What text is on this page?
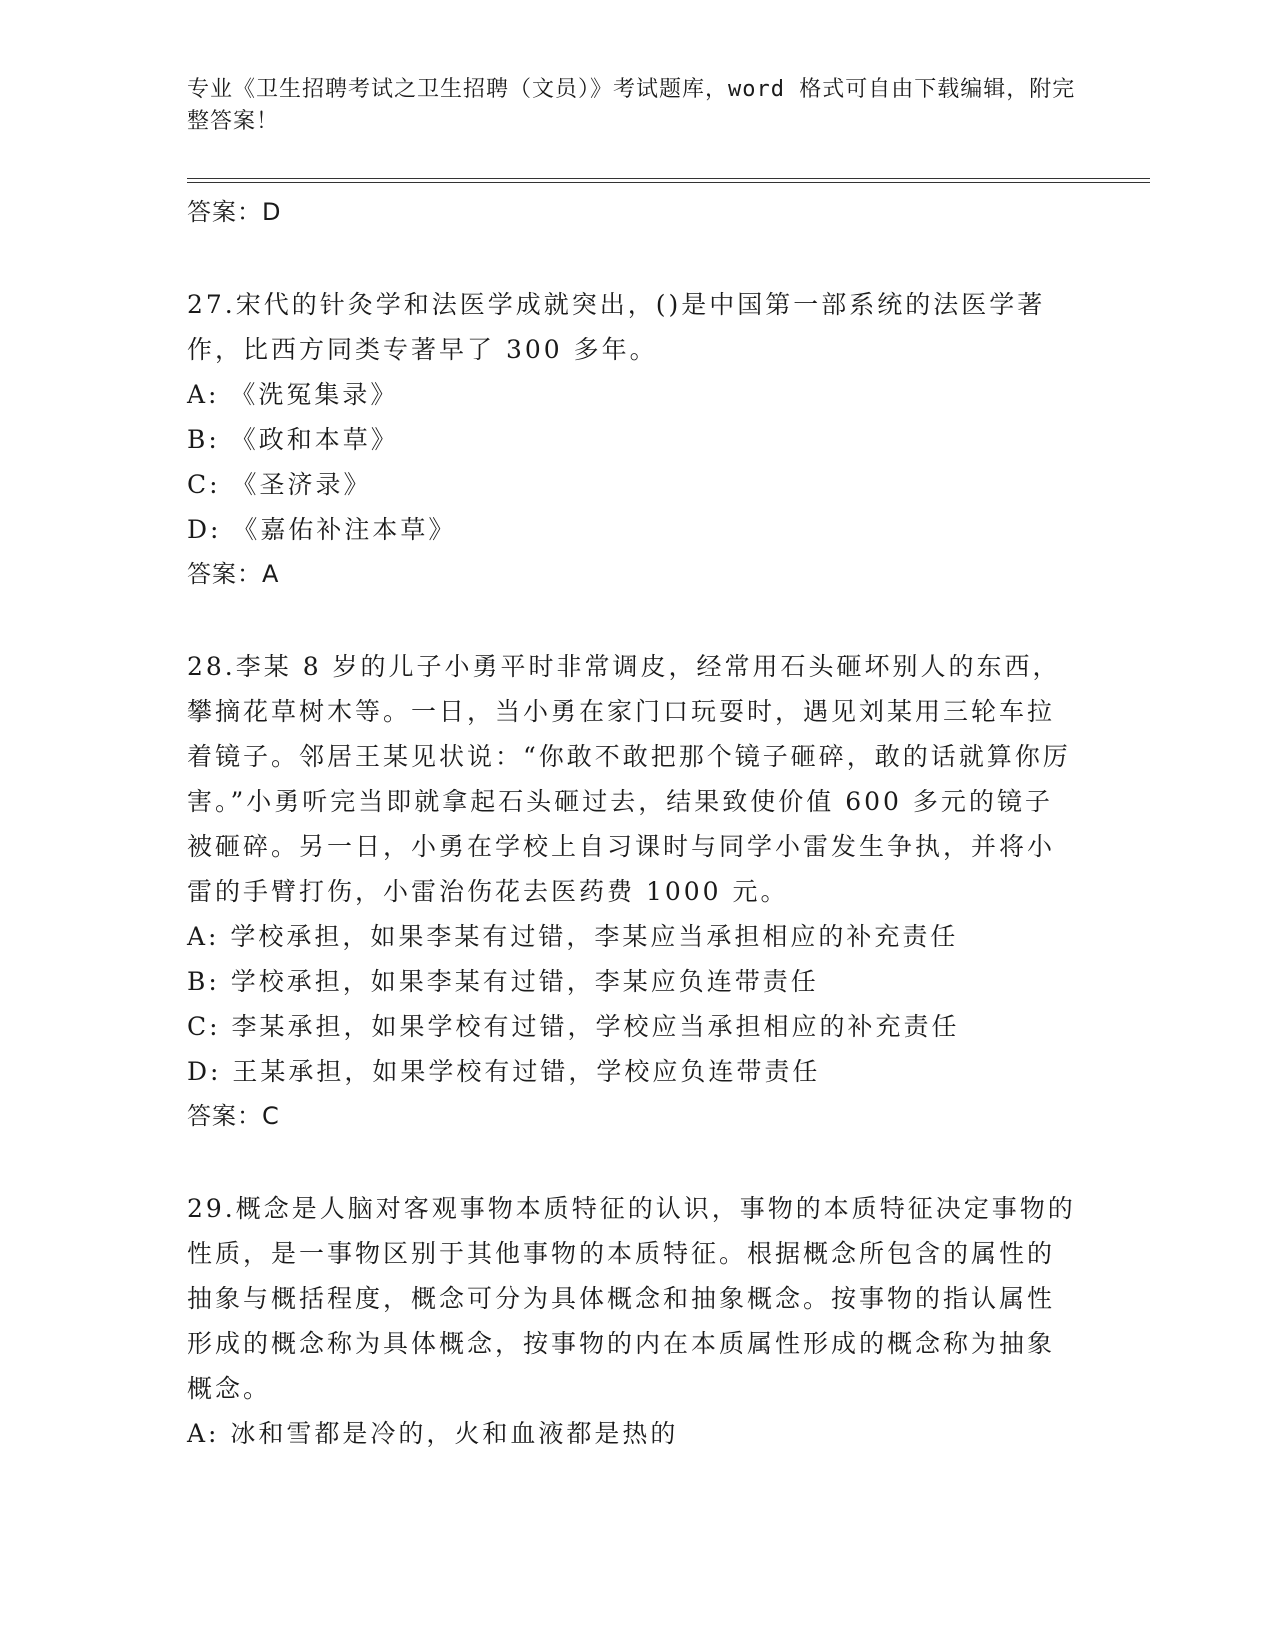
专业《卫生招聘考试之卫生招聘（文员）》考试题库，word 格式可自由下载编辑，附完整答案！

答案：D

27.宋代的针灸学和法医学成就突出，()是中国第一部系统的法医学著作，比西方同类专著早了 300 多年。

A: 《洗冤集录》

B: 《政和本草》

C: 《圣济录》

D: 《嘉佑补注本草》

答案：A

28.李某 8 岁的儿子小勇平时非常调皮，经常用石头砸坏别人的东西，攀摘花草树木等。一日，当小勇在家门口玩耍时，遇见刘某用三轮车拉着镜子。邻居王某见状说：“你敢不敢把那个镜子砸碎，敢的话就算你厉害。”小勇听完当即就拿起石头砸过去，结果致使价值 600 多元的镜子被砸碎。另一日，小勇在学校上自习课时与同学小雷发生争执，并将小雷的手臂打伤，小雷治伤花去医药费 1000 元。

A: 学校承担，如果李某有过错，李某应当承担相应的补充责任

B: 学校承担，如果李某有过错，李某应负连带责任

C: 李某承担，如果学校有过错，学校应当承担相应的补充责任

D: 王某承担，如果学校有过错，学校应负连带责任

答案：C

29.概念是人脑对客观事物本质特征的认识，事物的本质特征决定事物的性质，是一事物区别于其他事物的本质特征。根据概念所包含的属性的抽象与概括程度，概念可分为具体概念和抽象概念。按事物的指认属性形成的概念称为具体概念，按事物的内在本质属性形成的概念称为抽象概念。

A: 冰和雪都是冷的，火和血液都是热的
